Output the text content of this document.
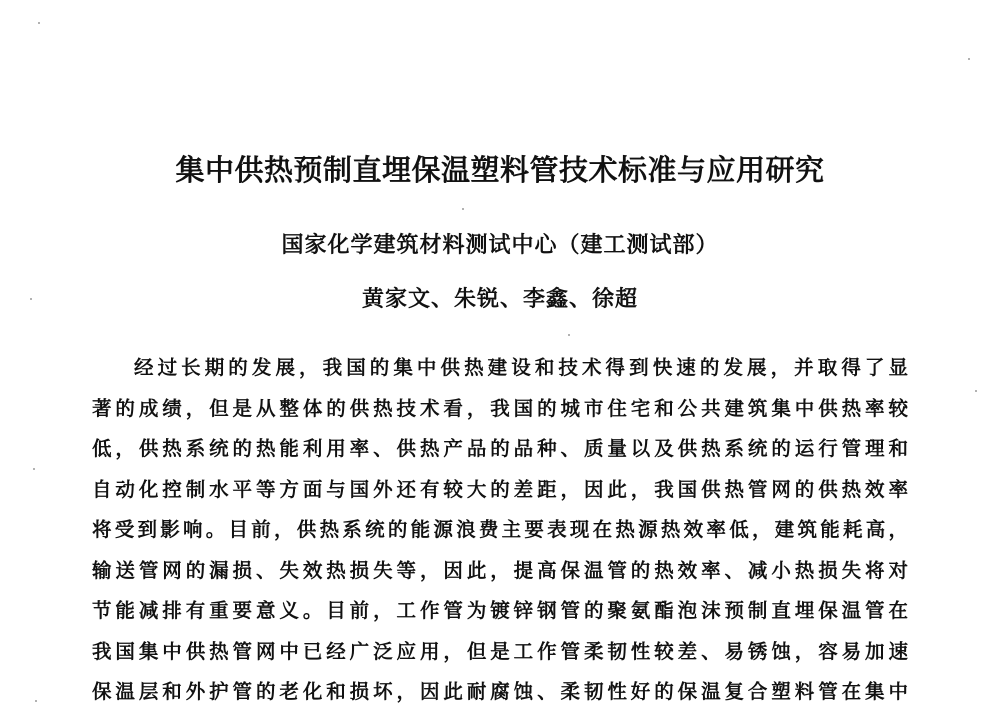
集中供热预制直埋保温塑料管技术标准与应用研究
国家化学建筑材料测试中心（建工测试部）
黄家文、朱锐、李鑫、徐超
经过长期的发展，我国的集中供热建设和技术得到快速的发展，并取得了显
著的成绩，但是从整体的供热技术看，我国的城市住宅和公共建筑集中供热率较
低，供热系统的热能利用率、供热产品的品种、质量以及供热系统的运行管理和
自动化控制水平等方面与国外还有较大的差距，因此，我国供热管网的供热效率
将受到影响。目前，供热系统的能源浪费主要表现在热源热效率低，建筑能耗高，
输送管网的漏损、失效热损失等，因此，提高保温管的热效率、减小热损失将对
节能减排有重要意义。目前，工作管为镀锌钢管的聚氨酯泡沫预制直埋保温管在
我国集中供热管网中已经广泛应用，但是工作管柔韧性较差、易锈蚀，容易加速
保温层和外护管的老化和损坏，因此耐腐蚀、柔韧性好的保温复合塑料管在集中
